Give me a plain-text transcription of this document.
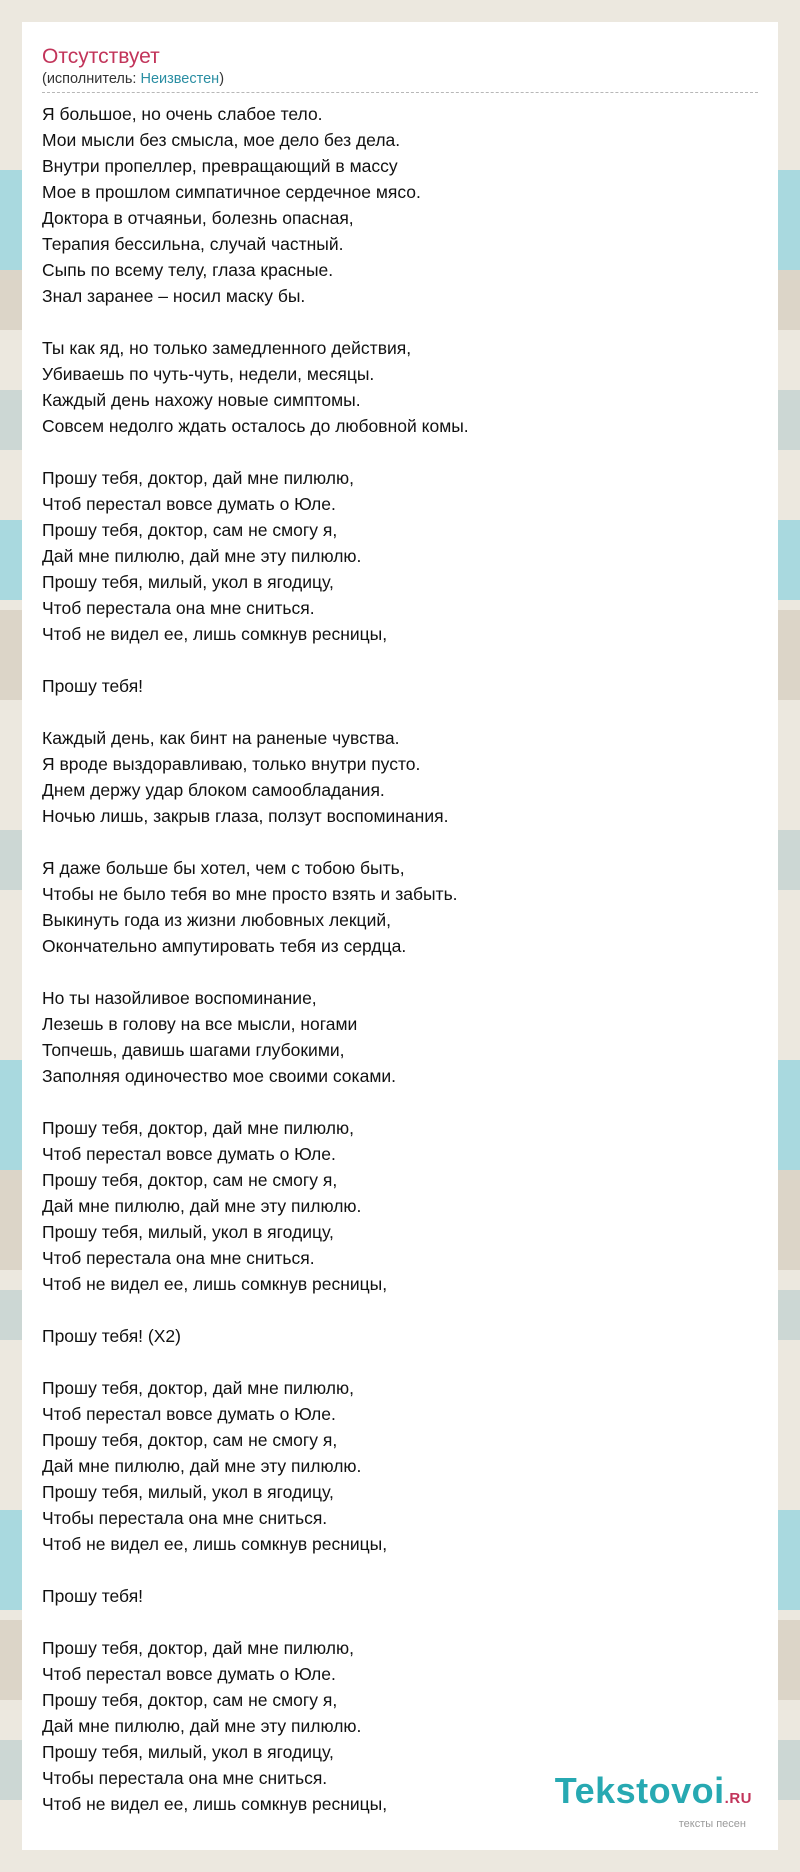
Отсутствует
(исполнитель: Неизвестен)
Я большое, но очень слабое тело.
Мои мысли без смысла, мое дело без дела.
Внутри пропеллер, превращающий в массу
Мое в прошлом симпатичное сердечное мясо.
Доктора в отчаяньи, болезнь опасная,
Терапия бессильна, случай частный.
Сыпь по всему телу, глаза красные.
Знал заранее – носил маску бы.
Ты как яд, но только замедленного действия,
Убиваешь по чуть-чуть, недели, месяцы.
Каждый день нахожу новые симптомы.
Совсем недолго ждать осталось до любовной комы.
Прошу тебя, доктор, дай мне пилюлю,
Чтоб перестал вовсе думать о Юле.
Прошу тебя, доктор, сам не смогу я,
Дай мне пилюлю, дай мне эту пилюлю.
Прошу тебя, милый, укол в ягодицу,
Чтоб перестала она мне сниться.
Чтоб не видел ее, лишь сомкнув ресницы,
Прошу тебя!
Каждый день, как бинт на раненые чувства.
Я вроде выздоравливаю, только внутри пусто.
Днем держу удар блоком самообладания.
Ночью лишь, закрыв глаза, ползут воспоминания.
Я даже больше бы хотел, чем с тобою быть,
Чтобы не было тебя во мне просто взять и забыть.
Выкинуть года из жизни любовных лекций,
Окончательно ампутировать тебя из сердца.
Но ты назойливое воспоминание,
Лезешь в голову на все мысли, ногами
Топчешь, давишь шагами глубокими,
Заполняя одиночество мое своими соками.
Прошу тебя, доктор, дай мне пилюлю,
Чтоб перестал вовсе думать о Юле.
Прошу тебя, доктор, сам не смогу я,
Дай мне пилюлю, дай мне эту пилюлю.
Прошу тебя, милый, укол в ягодицу,
Чтоб перестала она мне сниться.
Чтоб не видел ее, лишь сомкнув ресницы,
Прошу тебя! (X2)
Прошу тебя, доктор, дай мне пилюлю,
Чтоб перестал вовсе думать о Юле.
Прошу тебя, доктор, сам не смогу я,
Дай мне пилюлю, дай мне эту пилюлю.
Прошу тебя, милый, укол в ягодицу,
Чтобы перестала она мне сниться.
Чтоб не видел ее, лишь сомкнув ресницы,
Прошу тебя!
Прошу тебя, доктор, дай мне пилюлю,
Чтоб перестал вовсе думать о Юле.
Прошу тебя, доктор, сам не смогу я,
Дай мне пилюлю, дай мне эту пилюлю.
Прошу тебя, милый, укол в ягодицу,
Чтобы перестала она мне сниться.
Чтоб не видел ее, лишь сомкнув ресницы,	Tekstovoi.RU
тексты песен
